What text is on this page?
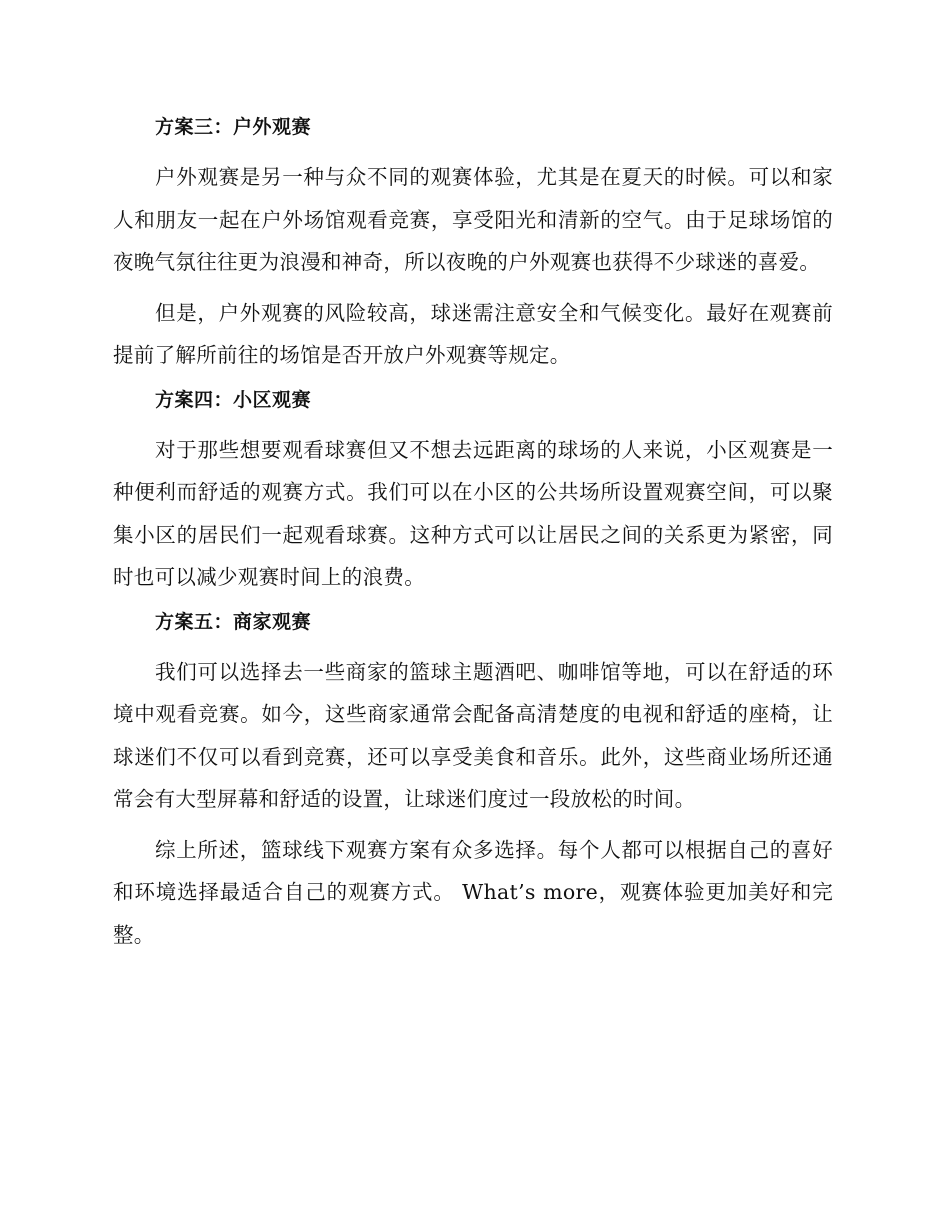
方案三：户外观赛

户外观赛是另一种与众不同的观赛体验，尤其是在夏天的时候。可以和家人和朋友一起在户外场馆观看竞赛，享受阳光和清新的空气。由于足球场馆的夜晚气氛往往更为浪漫和神奇，所以夜晚的户外观赛也获得不少球迷的喜爱。

但是，户外观赛的风险较高，球迷需注意安全和气候变化。最好在观赛前提前了解所前往的场馆是否开放户外观赛等规定。

方案四：小区观赛

对于那些想要观看球赛但又不想去远距离的球场的人来说，小区观赛是一种便利而舒适的观赛方式。我们可以在小区的公共场所设置观赛空间，可以聚集小区的居民们一起观看球赛。这种方式可以让居民之间的关系更为紧密，同时也可以减少观赛时间上的浪费。

方案五：商家观赛

我们可以选择去一些商家的篮球主题酒吧、咖啡馆等地，可以在舒适的环境中观看竞赛。如今，这些商家通常会配备高清楚度的电视和舒适的座椅，让球迷们不仅可以看到竞赛，还可以享受美食和音乐。此外，这些商业场所还通常会有大型屏幕和舒适的设置，让球迷们度过一段放松的时间。

综上所述，篮球线下观赛方案有众多选择。每个人都可以根据自己的喜好和环境选择最适合自己的观赛方式。 What’s more，观赛体验更加美好和完整。
